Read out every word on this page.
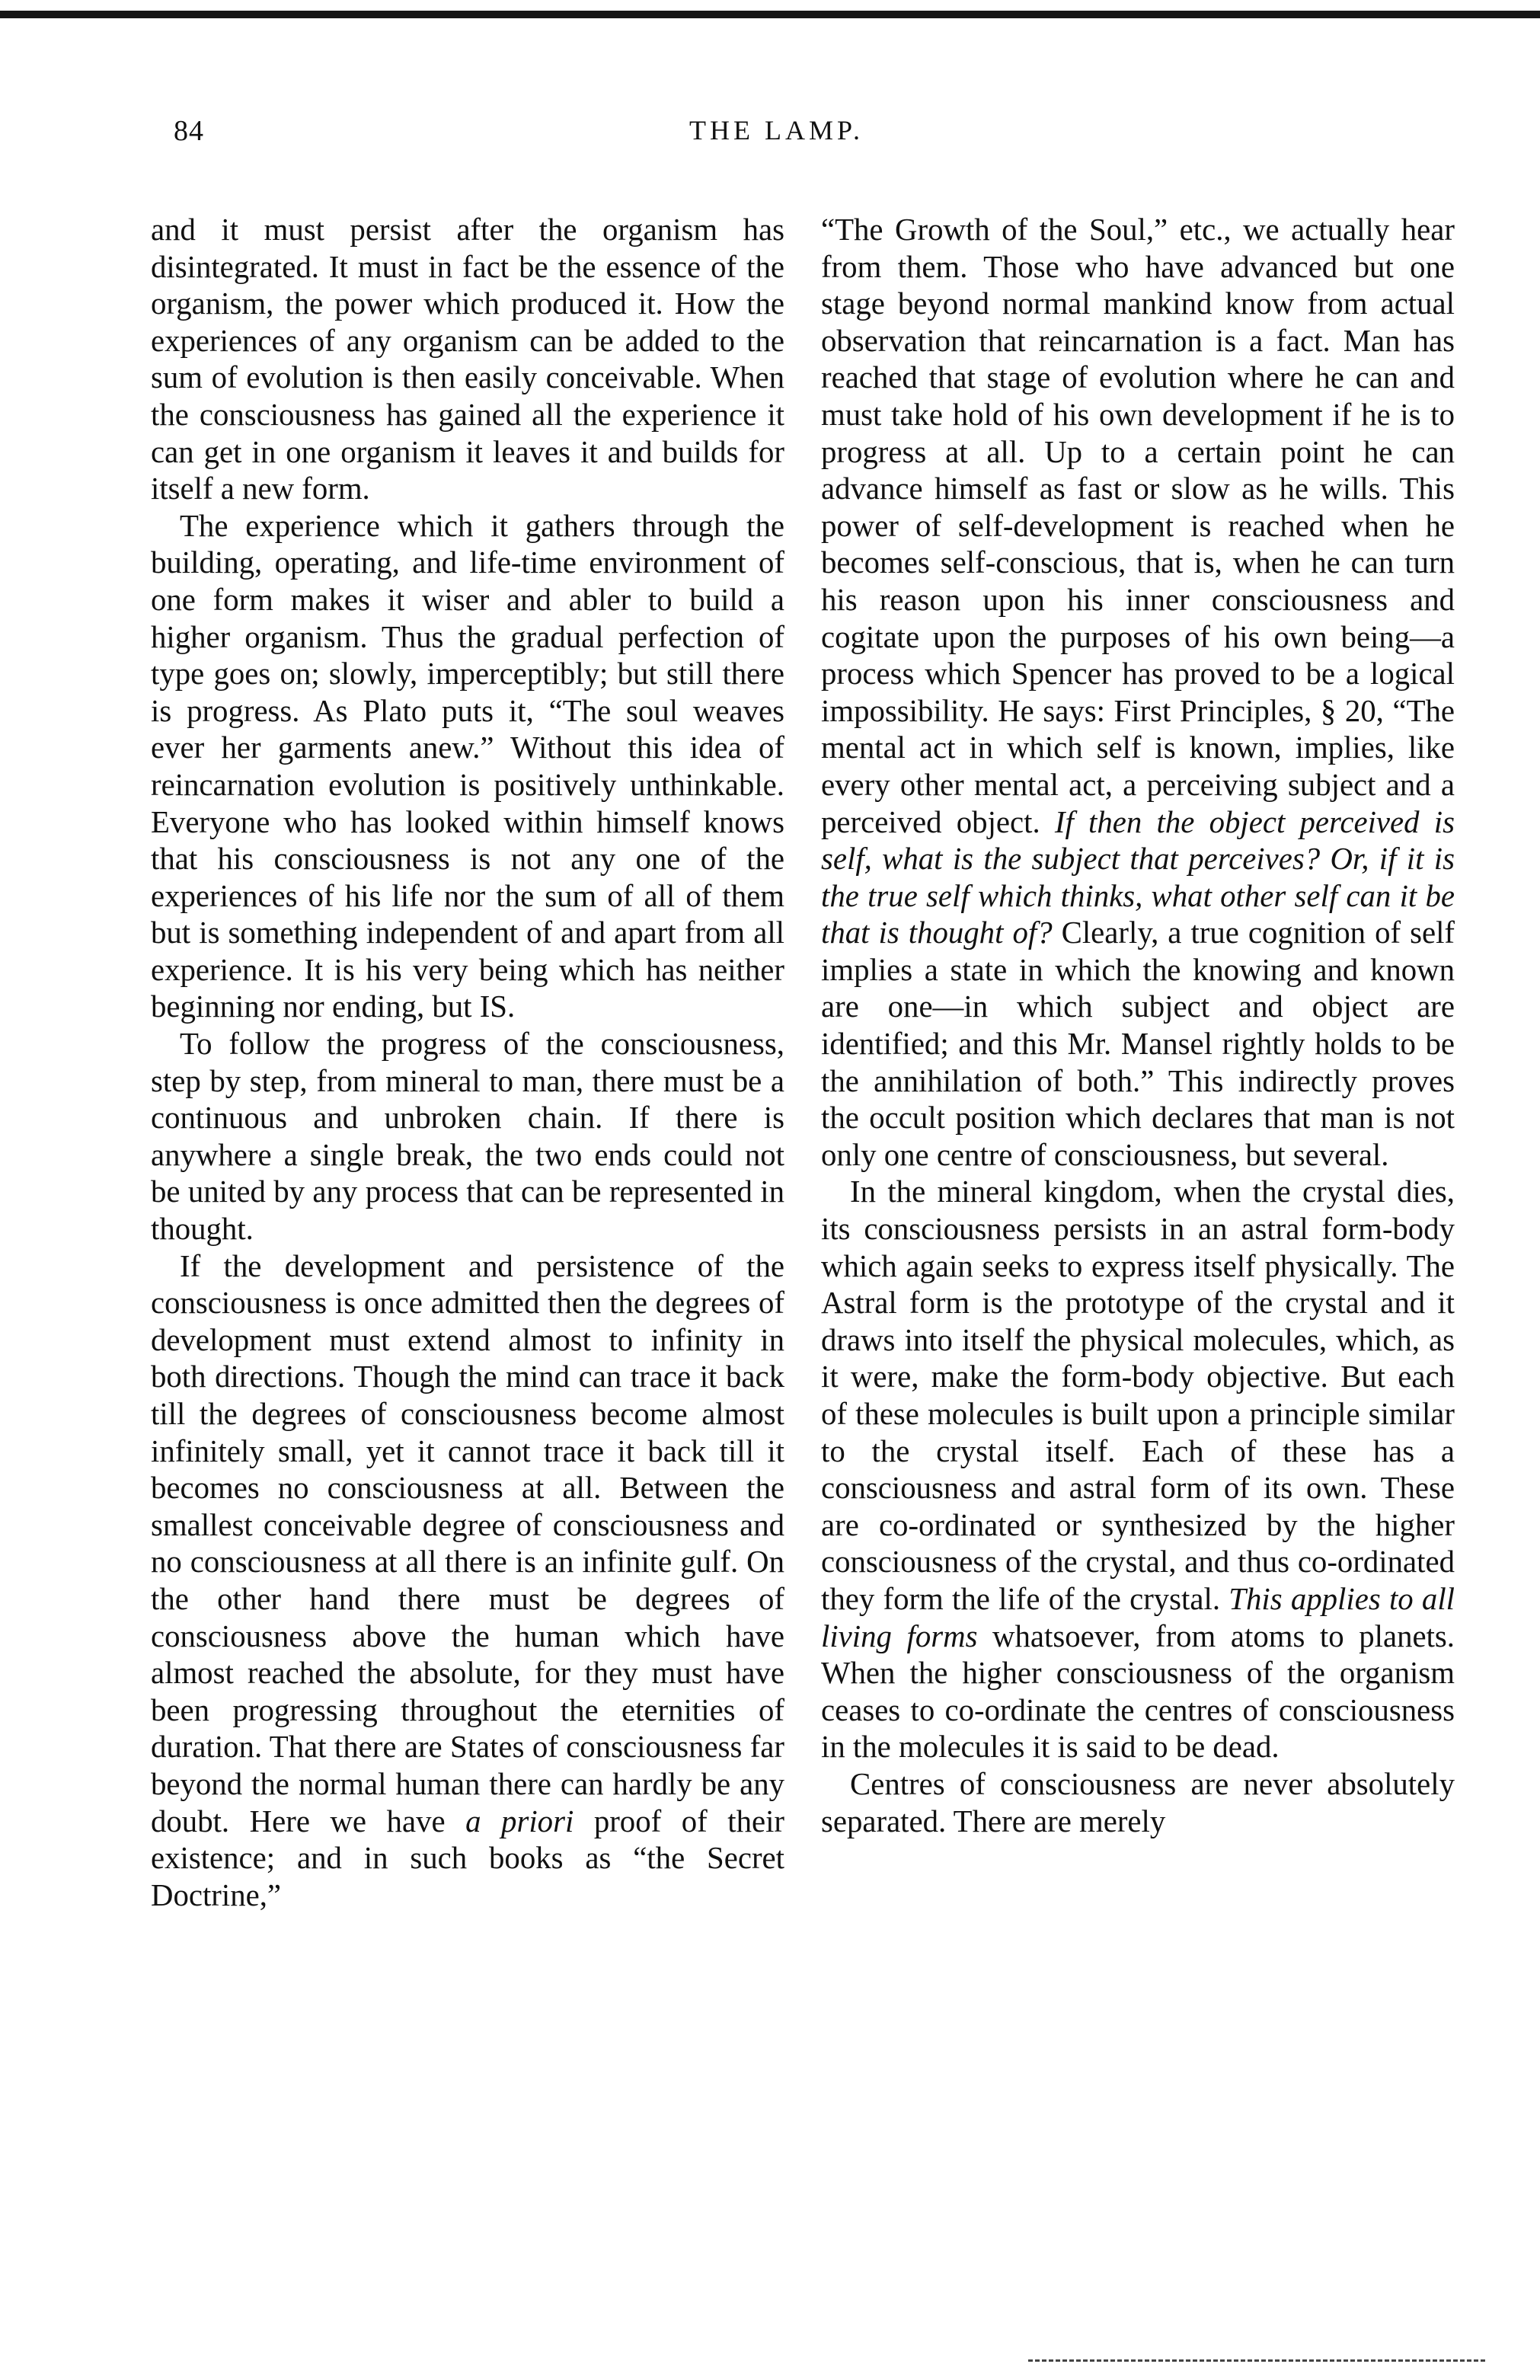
84	THE LAMP.

and it must persist after the organism has disintegrated. It must in fact be the essence of the organism, the power which produced it. How the experiences of any organism can be added to the sum of evolution is then easily conceivable. When the consciousness has gained all the experience it can get in one organism it leaves it and builds for itself a new form.

The experience which it gathers through the building, operating, and life-time environment of one form makes it wiser and abler to build a higher organism. Thus the gradual perfection of type goes on; slowly, imperceptibly; but still there is progress. As Plato puts it, “The soul weaves ever her garments anew.” Without this idea of reincarnation evolution is positively unthinkable. Everyone who has looked within himself knows that his consciousness is not any one of the experiences of his life nor the sum of all of them but is something independent of and apart from all experience. It is his very being which has neither beginning nor ending, but IS.

To follow the progress of the consciousness, step by step, from mineral to man, there must be a continuous and unbroken chain. If there is anywhere a single break, the two ends could not be united by any process that can be represented in thought.

If the development and persistence of the consciousness is once admitted then the degrees of development must extend almost to infinity in both directions. Though the mind can trace it back till the degrees of consciousness become almost infinitely small, yet it cannot trace it back till it becomes no consciousness at all. Between the smallest conceivable degree of consciousness and no consciousness at all there is an infinite gulf. On the other hand there must be degrees of consciousness above the human which have almost reached the absolute, for they must have been progressing throughout the eternities of duration. That there are States of consciousness far beyond the normal human there can hardly be any doubt. Here we have a priori proof of their existence; and in such books as “the Secret Doctrine,”

“The Growth of the Soul,” etc., we actually hear from them. Those who have advanced but one stage beyond normal mankind know from actual observation that reincarnation is a fact. Man has reached that stage of evolution where he can and must take hold of his own development if he is to progress at all. Up to a certain point he can advance himself as fast or slow as he wills. This power of self-development is reached when he becomes self-conscious, that is, when he can turn his reason upon his inner consciousness and cogitate upon the purposes of his own being—a process which Spencer has proved to be a logical impossibility. He says: First Principles, § 20, “The mental act in which self is known, implies, like every other mental act, a perceiving subject and a perceived object. If then the object perceived is self, what is the subject that perceives? Or, if it is the true self which thinks, what other self can it be that is thought of? Clearly, a true cognition of self implies a state in which the knowing and known are one—in which subject and object are identified; and this Mr. Mansel rightly holds to be the annihilation of both.” This indirectly proves the occult position which declares that man is not only one centre of consciousness, but several.

In the mineral kingdom, when the crystal dies, its consciousness persists in an astral form-body which again seeks to express itself physically. The Astral form is the prototype of the crystal and it draws into itself the physical molecules, which, as it were, make the form-body objective. But each of these molecules is built upon a principle similar to the crystal itself. Each of these has a consciousness and astral form of its own. These are co-ordinated or synthesized by the higher consciousness of the crystal, and thus co-ordinated they form the life of the crystal. This applies to all living forms whatsoever, from atoms to planets. When the higher consciousness of the organism ceases to co-ordinate the centres of consciousness in the molecules it is said to be dead.

Centres of consciousness are never absolutely separated. There are merely
